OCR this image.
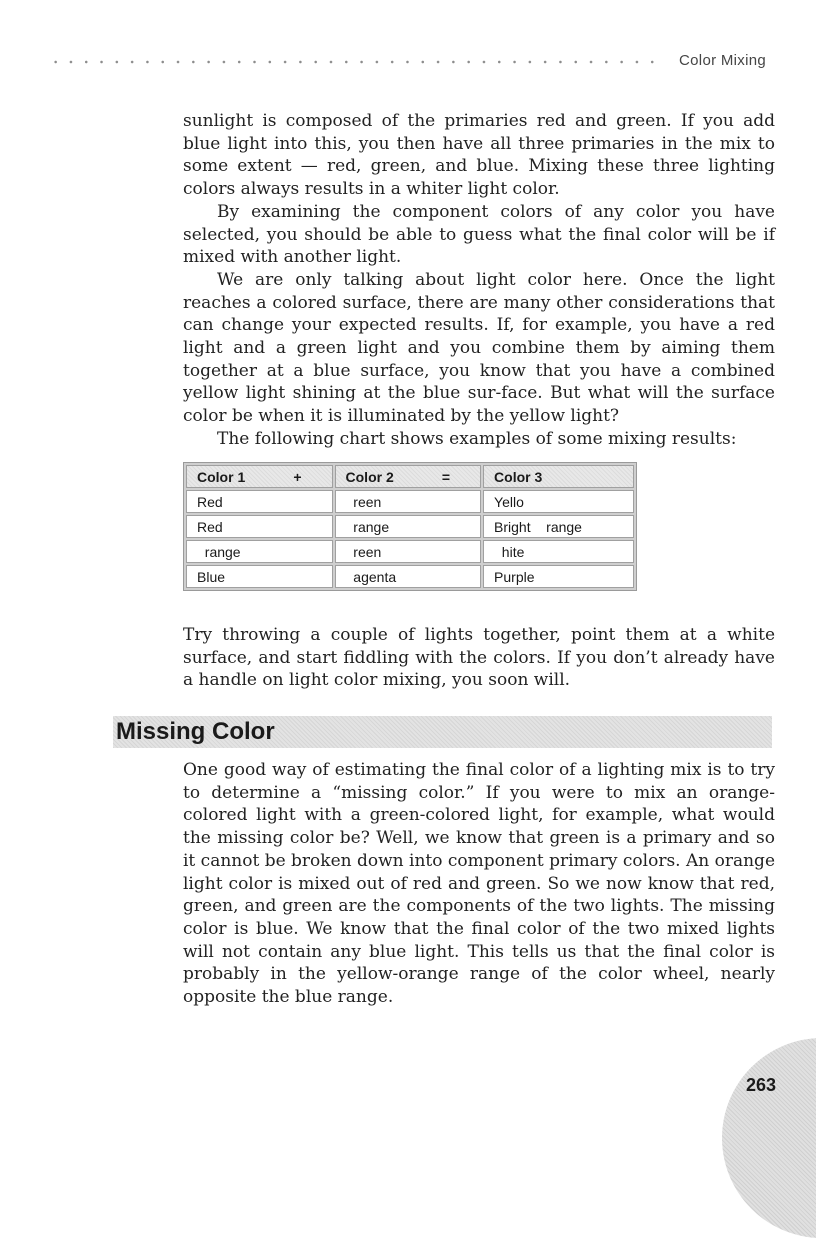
Color Mixing

sunlight is composed of the primaries red and green. If you add blue light into this, you then have all three primaries in the mix to some extent — red, green, and blue. Mixing these three lighting colors always results in a whiter light color.

By examining the component colors of any color you have selected, you should be able to guess what the final color will be if mixed with another light.

We are only talking about light color here. Once the light reaches a colored surface, there are many other considerations that can change your expected results. If, for example, you have a red light and a green light and you combine them by aiming them together at a blue surface, you know that you have a combined yellow light shining at the blue sur-face. But what will the surface color be when it is illuminated by the yellow light?

The following chart shows examples of some mixing results:

Color 1 +	Color 2 =	Color 3
Red	reen	Yello
Red	range	Bright    range
range	reen	hite
Blue	agenta	Purple

Try throwing a couple of lights together, point them at a white surface, and start fiddling with the colors. If you don’t already have a handle on light color mixing, you soon will.

Missing Color

One good way of estimating the final color of a lighting mix is to try to determine a “missing color.” If you were to mix an orange-colored light with a green-colored light, for example, what would the missing color be? Well, we know that green is a primary and so it cannot be broken down into component primary colors. An orange light color is mixed out of red and green. So we now know that red, green, and green are the components of the two lights. The missing color is blue. We know that the final color of the two mixed lights will not contain any blue light. This tells us that the final color is probably in the yellow-orange range of the color wheel, nearly opposite the blue range.

263
